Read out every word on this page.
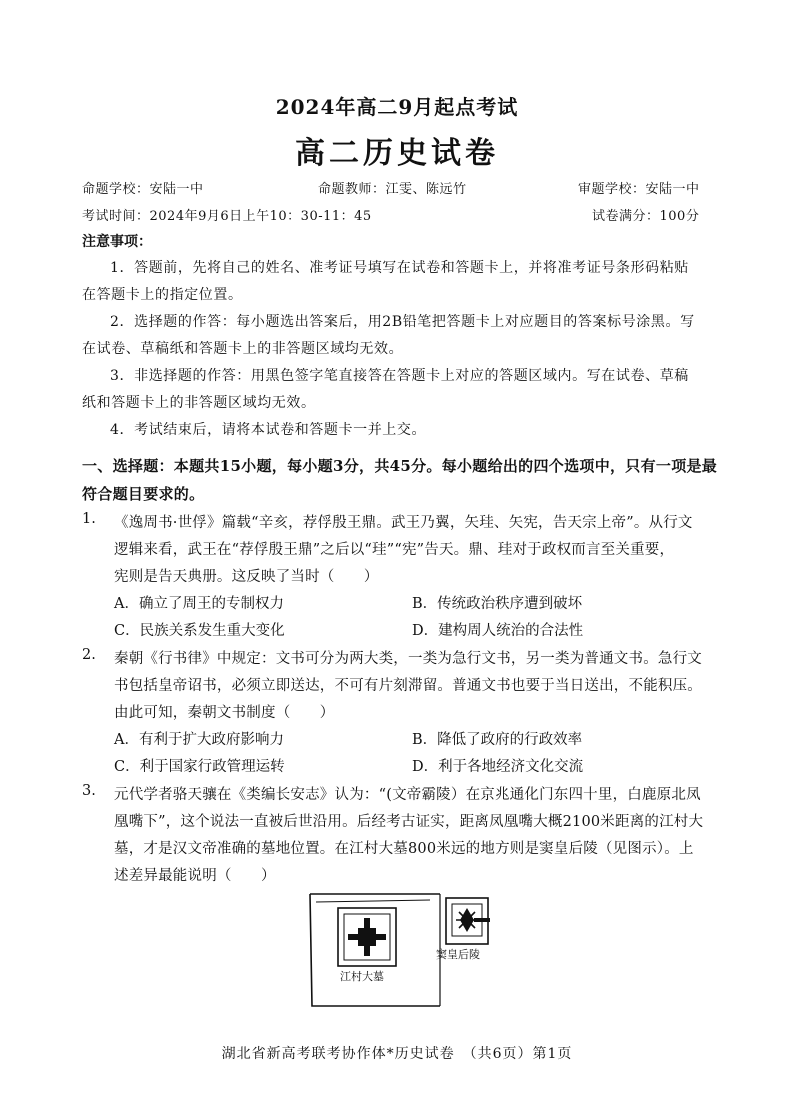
2024年高二9月起点考试
高二历史试卷
命题学校：安陆一中	命题教师：江雯、陈远竹	审题学校：安陆一中
考试时间：2024年9月6日上午10：30-11：45	试卷满分：100分
注意事项：
1．答题前，先将自己的姓名、准考证号填写在试卷和答题卡上，并将准考证号条形码粘贴
在答题卡上的指定位置。
2．选择题的作答：每小题选出答案后，用2B铅笔把答题卡上对应题目的答案标号涂黑。写
在试卷、草稿纸和答题卡上的非答题区域均无效。
3．非选择题的作答：用黑色签字笔直接答在答题卡上对应的答题区域内。写在试卷、草稿
纸和答题卡上的非答题区域均无效。
4．考试结束后，请将本试卷和答题卡一并上交。
一、选择题：本题共15小题，每小题3分，共45分。每小题给出的四个选项中，只有一项是最
符合题目要求的。
1. 《逸周书·世俘》篇载“辛亥，荐俘殷王鼎。武王乃翼，矢珪、矢宪，告天宗上帝”。从行文
逻辑来看，武王在“荐俘殷王鼎”之后以“珪”“宪”告天。鼎、珪对于政权而言至关重要，
宪则是告天典册。这反映了当时（　　）
A．确立了周王的专制权力	B．传统政治秩序遭到破坏
C．民族关系发生重大变化	D．建构周人统治的合法性
2. 秦朝《行书律》中规定：文书可分为两大类，一类为急行文书，另一类为普通文书。急行文
书包括皇帝诏书，必须立即送达，不可有片刻滞留。普通文书也要于当日送出，不能积压。
由此可知，秦朝文书制度（　　）
A．有利于扩大政府影响力	B．降低了政府的行政效率
C．利于国家行政管理运转	D．利于各地经济文化交流
3. 元代学者骆天骧在《类编长安志》认为：“(文帝霸陵）在京兆通化门东四十里，白鹿原北凤
凰嘴下”，这个说法一直被后世沿用。后经考古证实，距离凤凰嘴大概2100米距离的江村大
墓，才是汉文帝准确的墓地位置。在江村大墓800米远的地方则是窦皇后陵（见图示）。上
述差异最能说明（　　）
江村大墓
窦皇后陵
湖北省新高考联考协作体*历史试卷　（共6页）第1页
